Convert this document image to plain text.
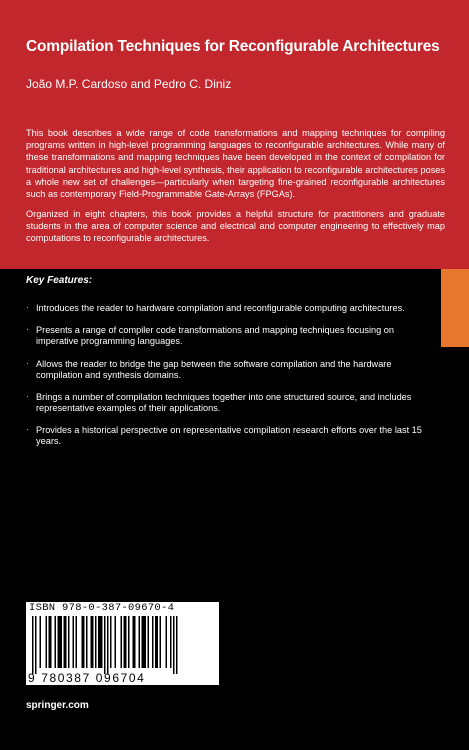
Compilation Techniques for Reconfigurable Architectures

João M.P. Cardoso and Pedro C. Diniz

This book describes a wide range of code transformations and mapping techniques for compiling programs written in high-level programming languages to reconfigurable architectures. While many of these transformations and mapping techniques have been developed in the context of compilation for traditional architectures and high-level synthesis, their application to reconfigurable architectures poses a whole new set of challenges—particularly when targeting fine-grained reconfigurable architectures such as contemporary Field-Programmable Gate-Arrays (FPGAs).

Organized in eight chapters, this book provides a helpful structure for practitioners and graduate students in the area of computer science and electrical and computer engineering to effectively map computations to reconfigurable architectures.

Key Features:

· Introduces the reader to hardware compilation and reconfigurable computing architectures.
· Presents a range of compiler code transformations and mapping techniques focusing on imperative programming languages.
· Allows the reader to bridge the gap between the software compilation and the hardware compilation and synthesis domains.
· Brings a number of compilation techniques together into one structured source, and includes representative examples of their applications.
· Provides a historical perspective on representative compilation research efforts over the last 15 years.
ISBN 978-0-387-09670-4
9 780387 096704

springer.com
